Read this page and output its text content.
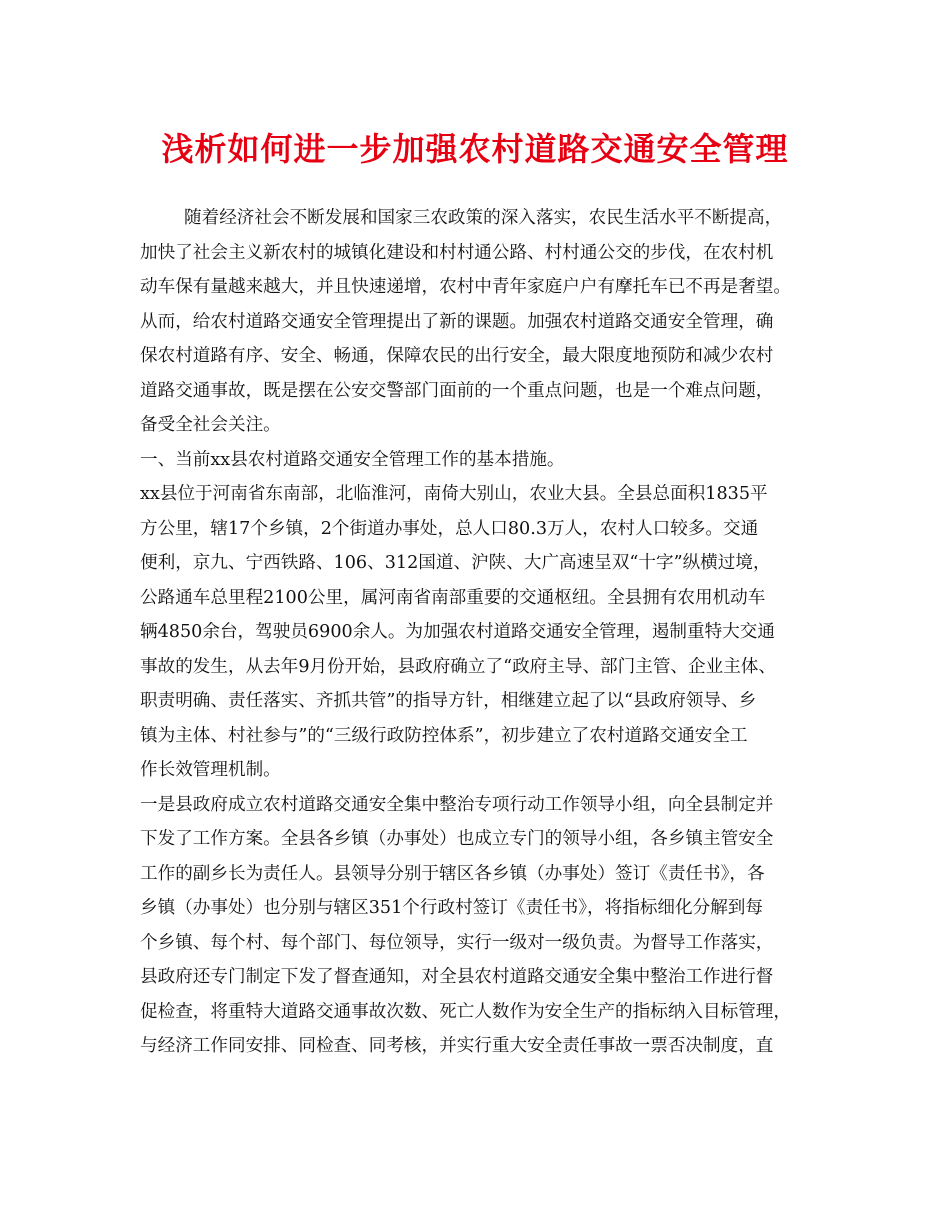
浅析如何进一步加强农村道路交通安全管理
随着经济社会不断发展和国家三农政策的深入落实，农民生活水平不断提高，
加快了社会主义新农村的城镇化建设和村村通公路、村村通公交的步伐，在农村机
动车保有量越来越大，并且快速递增，农村中青年家庭户户有摩托车已不再是奢望。
从而，给农村道路交通安全管理提出了新的课题。加强农村道路交通安全管理，确
保农村道路有序、安全、畅通，保障农民的出行安全，最大限度地预防和减少农村
道路交通事故，既是摆在公安交警部门面前的一个重点问题，也是一个难点问题，
备受全社会关注。
一、当前xx县农村道路交通安全管理工作的基本措施。
xx县位于河南省东南部，北临淮河，南倚大别山，农业大县。全县总面积1835平
方公里，辖17个乡镇，2个街道办事处，总人口80.3万人，农村人口较多。交通
便利，京九、宁西铁路、106、312国道、沪陕、大广高速呈双“十字”纵横过境，
公路通车总里程2100公里，属河南省南部重要的交通枢纽。全县拥有农用机动车
辆4850余台，驾驶员6900余人。为加强农村道路交通安全管理，遏制重特大交通
事故的发生，从去年9月份开始，县政府确立了“政府主导、部门主管、企业主体、
职责明确、责任落实、齐抓共管”的指导方针，相继建立起了以“县政府领导、乡
镇为主体、村社参与”的“三级行政防控体系”，初步建立了农村道路交通安全工
作长效管理机制。
一是县政府成立农村道路交通安全集中整治专项行动工作领导小组，向全县制定并
下发了工作方案。全县各乡镇（办事处）也成立专门的领导小组，各乡镇主管安全
工作的副乡长为责任人。县领导分别于辖区各乡镇（办事处）签订《责任书》，各
乡镇（办事处）也分别与辖区351个行政村签订《责任书》，将指标细化分解到每
个乡镇、每个村、每个部门、每位领导，实行一级对一级负责。为督导工作落实，
县政府还专门制定下发了督查通知，对全县农村道路交通安全集中整治工作进行督
促检查，将重特大道路交通事故次数、死亡人数作为安全生产的指标纳入目标管理，
与经济工作同安排、同检查、同考核，并实行重大安全责任事故一票否决制度，直
